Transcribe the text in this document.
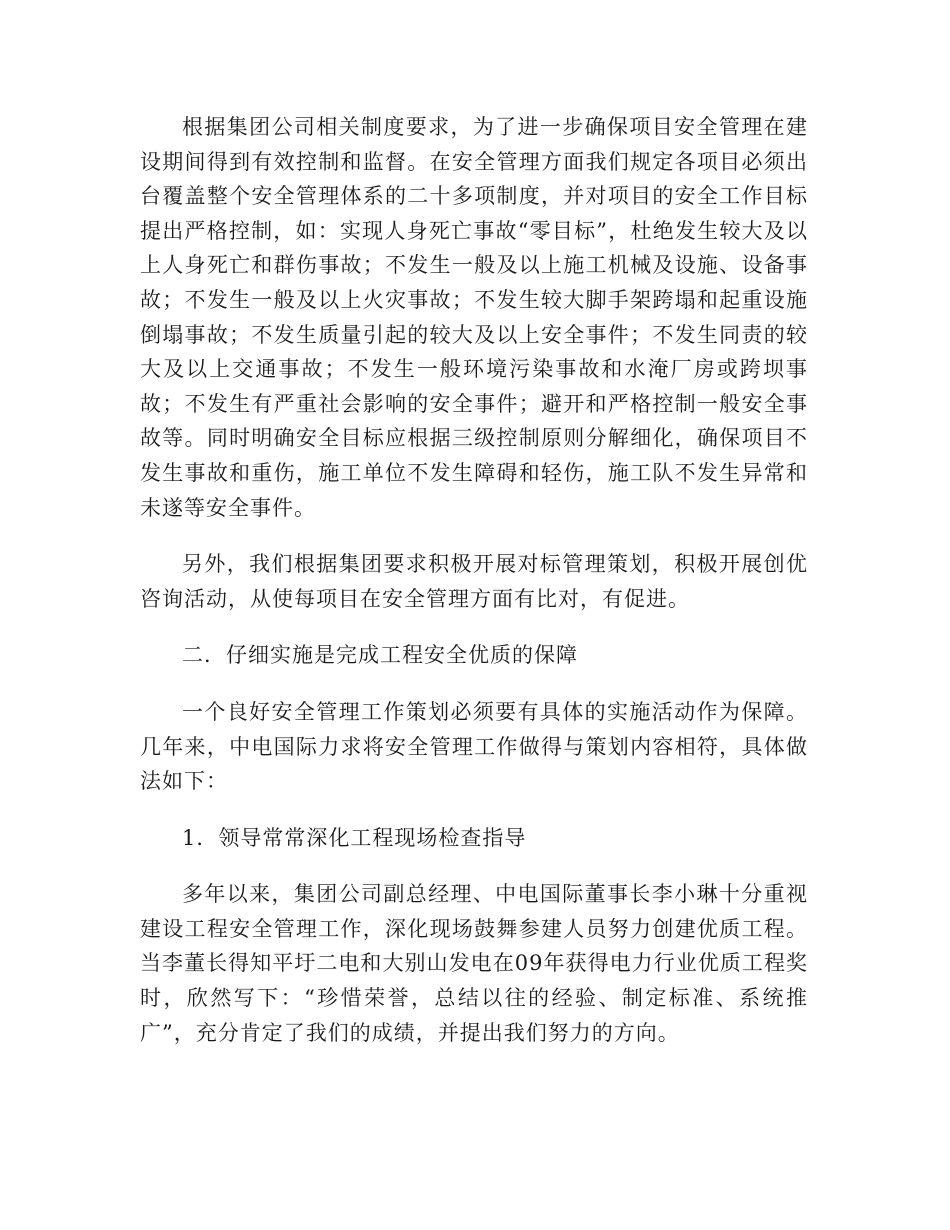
根据集团公司相关制度要求，为了进一步确保项目安全管理在建设期间得到有效控制和监督。在安全管理方面我们规定各项目必须出台覆盖整个安全管理体系的二十多项制度，并对项目的安全工作目标提出严格控制，如：实现人身死亡事故“零目标”，杜绝发生较大及以上人身死亡和群伤事故；不发生一般及以上施工机械及设施、设备事故；不发生一般及以上火灾事故；不发生较大脚手架跨塌和起重设施倒塌事故；不发生质量引起的较大及以上安全事件；不发生同责的较大及以上交通事故；不发生一般环境污染事故和水淹厂房或跨坝事故；不发生有严重社会影响的安全事件；避开和严格控制一般安全事故等。同时明确安全目标应根据三级控制原则分解细化，确保项目不发生事故和重伤，施工单位不发生障碍和轻伤，施工队不发生异常和未遂等安全事件。

另外，我们根据集团要求积极开展对标管理策划，积极开展创优咨询活动，从使每项目在安全管理方面有比对，有促进。

二．仔细实施是完成工程安全优质的保障

一个良好安全管理工作策划必须要有具体的实施活动作为保障。几年来，中电国际力求将安全管理工作做得与策划内容相符，具体做法如下：

1．领导常常深化工程现场检查指导

多年以来，集团公司副总经理、中电国际董事长李小琳十分重视建设工程安全管理工作，深化现场鼓舞参建人员努力创建优质工程。当李董长得知平圩二电和大别山发电在09年获得电力行业优质工程奖时，欣然写下：“珍惜荣誉，总结以往的经验、制定标准、系统推广”，充分肯定了我们的成绩，并提出我们努力的方向。
